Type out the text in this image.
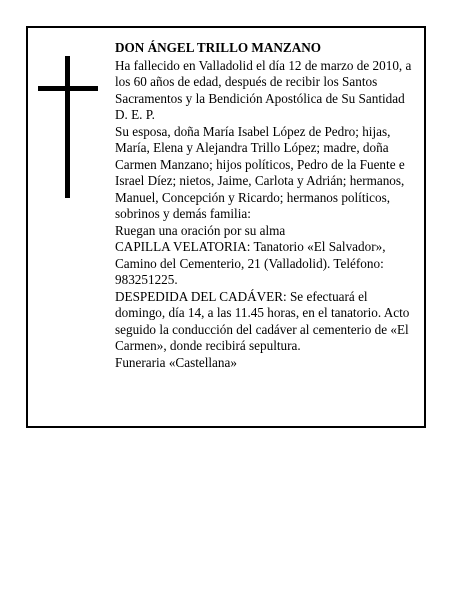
DON ÁNGEL TRILLO MANZANO

Ha fallecido en Valladolid el día 12 de marzo de 2010, a los 60 años de edad, después de recibir los Santos Sacramentos y la Bendición Apostólica de Su Santidad D. E. P.

Su esposa, doña María Isabel López de Pedro; hijas, María, Elena y Alejandra Trillo López; madre, doña Carmen Manzano; hijos políticos, Pedro de la Fuente e Israel Díez; nietos, Jaime, Carlota y Adrián; hermanos, Manuel, Concepción y Ricardo; hermanos políticos, sobrinos y demás familia:

Ruegan una oración por su alma

CAPILLA VELATORIA: Tanatorio «El Salvador», Camino del Cementerio, 21 (Valladolid). Teléfono: 983251225.

DESPEDIDA DEL CADÁVER: Se efectuará el domingo, día 14, a las 11.45 horas, en el tanatorio. Acto seguido la conducción del cadáver al cementerio de «El Carmen», donde recibirá sepultura.

Funeraria «Castellana»
